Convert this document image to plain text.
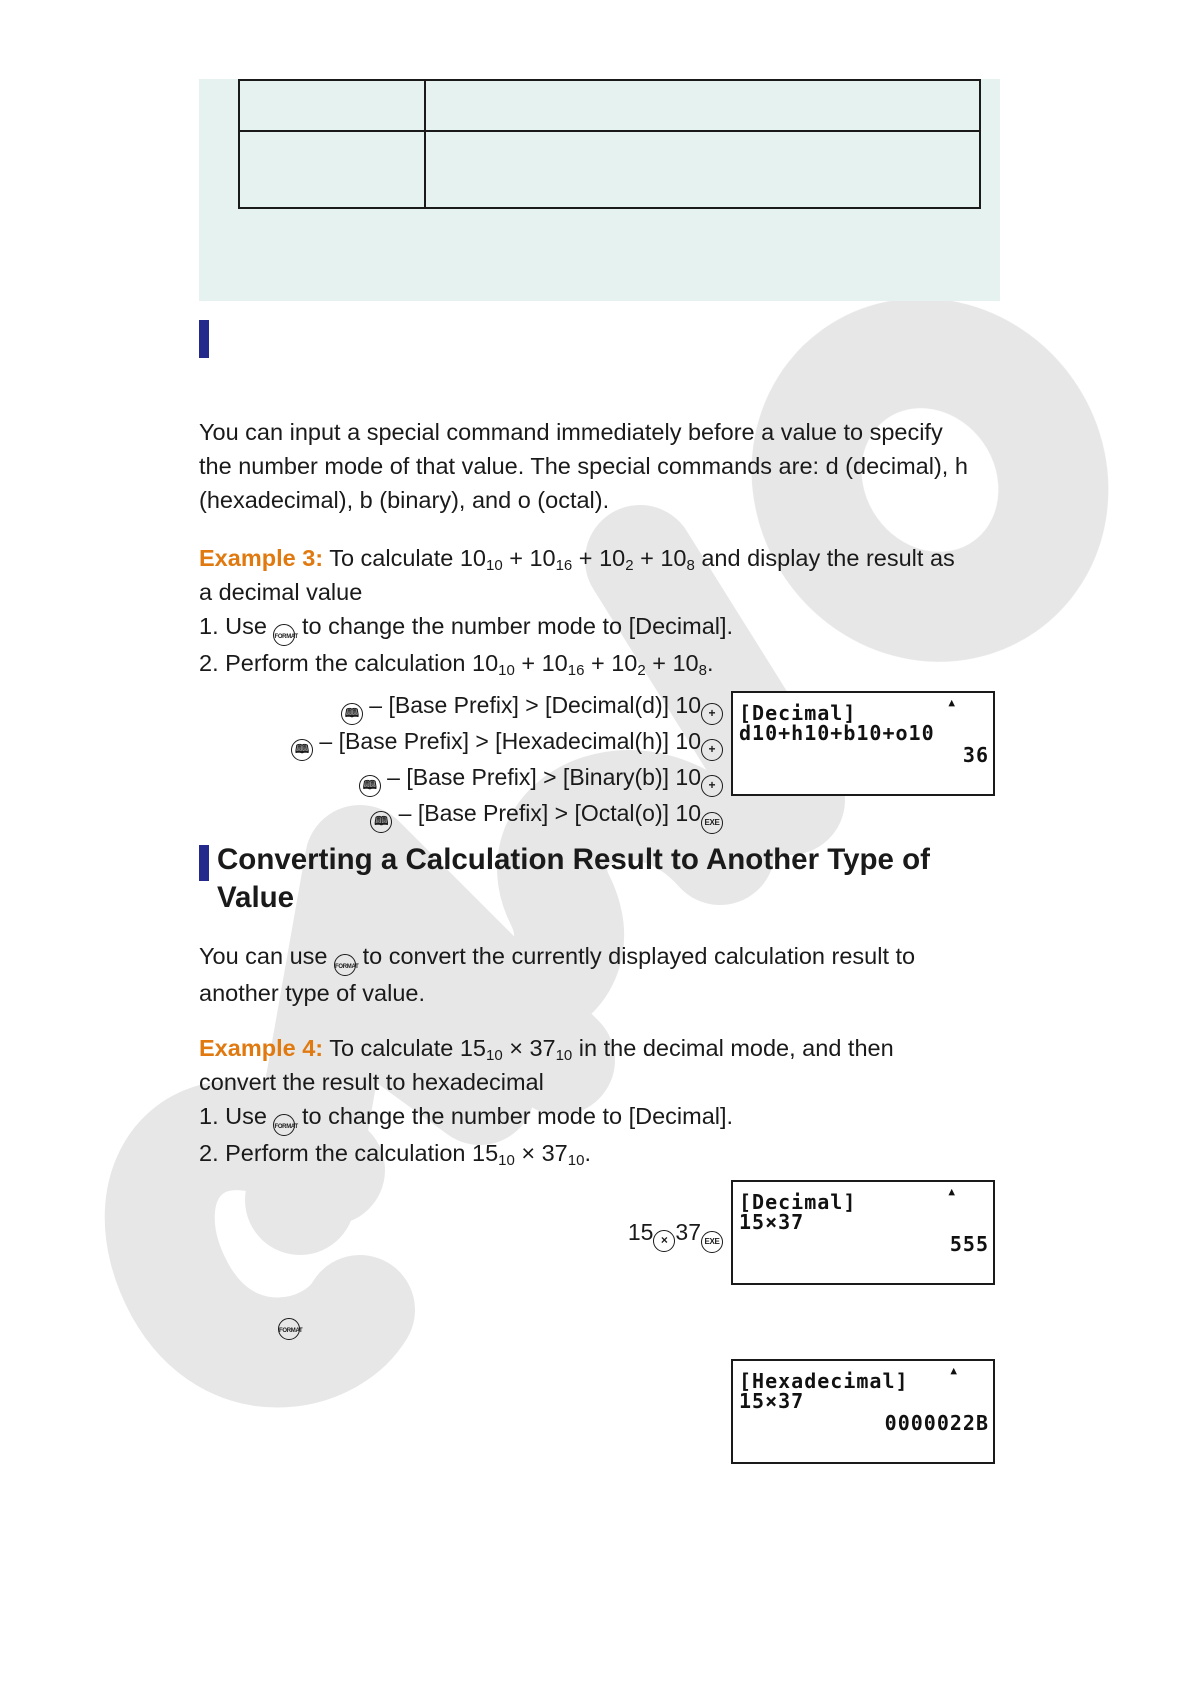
You can input a special command immediately before a value to specify
the number mode of that value. The special commands are: d (decimal), h
(hexadecimal), b (binary), and o (octal).
Example 3: To calculate $10_{10} + 10_{16} + 10_2 + 10_8$ and display the result as
a decimal value
1. Use FORMAT to change the number mode to [Decimal].
2. Perform the calculation $10_{10} + 10_{16} + 10_2 + 10_8$.
🕮 – [Base Prefix] > [Decimal(d)] 10 +
🕮 – [Base Prefix] > [Hexadecimal(h)] 10 +
🕮 – [Base Prefix] > [Binary(b)] 10 +
🕮 – [Base Prefix] > [Octal(o)] 10 EXE
▲
[Decimal]
d10+h10+b10+o10
36
Converting a Calculation Result to Another Type of
Value
You can use FORMAT to convert the currently displayed calculation result to
another type of value.
Example 4: To calculate $15_{10} \times 37_{10}$ in the decimal mode, and then
convert the result to hexadecimal
1. Use FORMAT to change the number mode to [Decimal].
2. Perform the calculation $15_{10} \times 37_{10}$.
15 × 37 EXE
▲
[Decimal]
15×37
555
FORMAT
▲
[Hexadecimal]
15×37
0000022B
